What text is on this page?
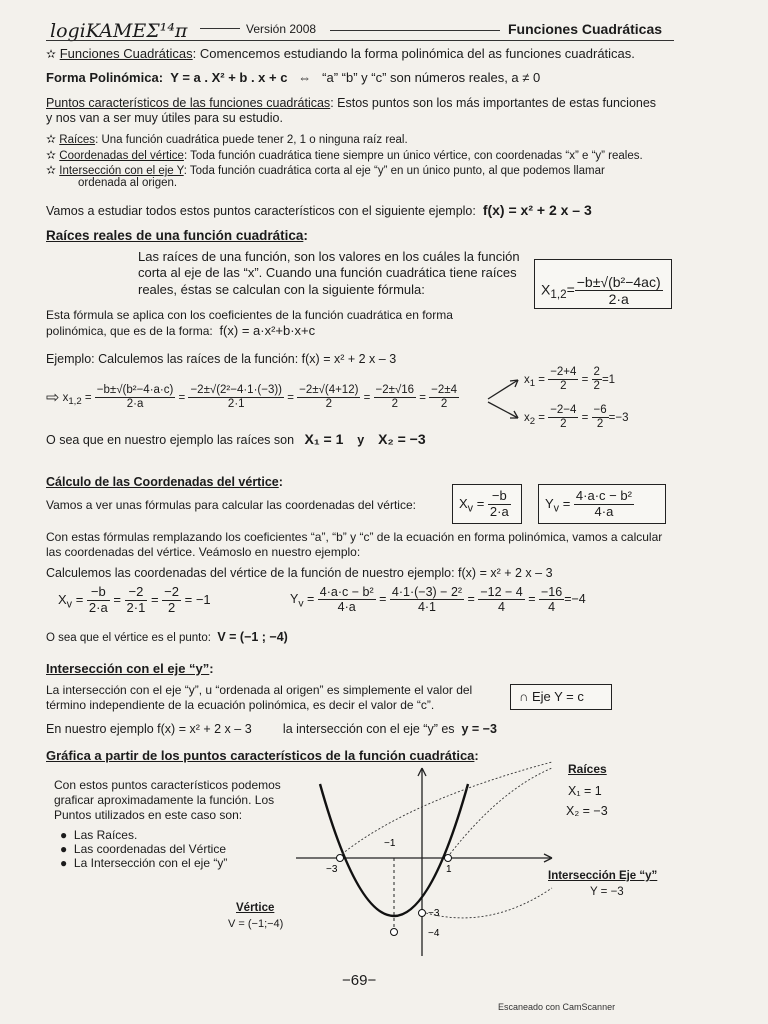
logiKAMEΣ¹⁴π	Versión 2008	Funciones Cuadráticas
✫ Funciones Cuadráticas: Comencemos estudiando la forma polinómica del as funciones cuadráticas.
Forma Polinómica: Y = a . X² + b . x + c ⇔ “a” “b” y “c” son números reales, a ≠ 0
Puntos característicos de las funciones cuadráticas: Estos puntos son los más importantes de estas funciones
y nos van a ser muy útiles para su estudio.
✫ Raíces: Una función cuadrática puede tener 2, 1 o ninguna raíz real.
✫ Coordenadas del vértice: Toda función cuadrática tiene siempre un único vértice, con coordenadas “x” e “y” reales.
✫ Intersección con el eje Y: Toda función cuadrática corta al eje “y” en un único punto, al que podemos llamar
ordenada al origen.
Vamos a estudiar todos estos puntos característicos con el siguiente ejemplo: f(x) = x² + 2 x – 3
Raíces reales de una función cuadrática:
Las raíces de una función, son los valores en los cuáles la función corta al eje de las “x”. Cuando una función cuadrática tiene raíces reales, éstas se calculan con la siguiente fórmula:	$X_{1,2}= \frac{\text{−b±√(b²−4ac)}}{2\cdot a}$
Esta fórmula se aplica con los coeficientes de la función cuadrática en forma polinómica, que es de la forma: f(x) = a·x²+b·x+c
Ejemplo: Calculemos las raíces de la función: f(x) = x² + 2 x – 3
⇨ $x_{1,2} = \frac{\text{−b±√(b²−4·a·c)}}{2\cdot a} = \frac{\text{−2±√(2²−4·1·(−3))}}{2\cdot 1} = \frac{-2\pm√(4+12)}{2} = \frac{-2\pm√16}{2} = \frac{-2\pm 4}{2}$
$x_1 = \frac{-2+4}{2} = \frac{2}{2} =1$
$x_2 = \frac{-2-4}{2} = \frac{-6}{2} =-3$
O sea que en nuestro ejemplo las raíces son X₁ = 1 y X₂ = −3
Cálculo de las Coordenadas del vértice:
Vamos a ver unas fórmulas para calcular las coordenadas del vértice:	$X_v = \frac{-b}{2\cdot a}$	$Y_v = \frac{\text{4·a·c − b²}}{4\cdot a}$
Con estas fórmulas remplazando los coeficientes “a”, “b” y “c” de la ecuación en forma polinómica, vamos a calcular las coordenadas del vértice. Veámoslo en nuestro ejemplo:
Calculemos las coordenadas del vértice de la función de nuestro ejemplo: f(x) = x² + 2 x – 3
$X_v = \frac{-b}{2\cdot a} = \frac{-2}{2\cdot 1} = \frac{-2}{2} = -1$	$Y_v = \frac{\text{4·a·c − b²}}{4\cdot a} = \frac{\text{4·1·(−3) − 2²}}{4\cdot 1} = \frac{-12 - 4}{4} = \frac{-16}{4} =-4$
O sea que el vértice es el punto: V = (−1 ; −4)
Intersección con el eje “y”:
La intersección con el eje “y”, u “ordenada al origen” es simplemente el valor del término independiente de la ecuación polinómica, es decir el valor de “c”.
∩ Eje Y = c
En nuestro ejemplo f(x) = x² + 2 x – 3	la intersección con el eje “y” es y = −3
Gráfica a partir de los puntos característicos de la función cuadrática:
Con estos puntos característicos podemos graficar aproximadamente la función. Los Puntos utilizados en este caso son:
● Las Raíces.
● Las coordenadas del Vértice
● La Intersección con el eje “y”	−3
−1
1
−3
−4
Raíces
X₁ = 1
X₂ = −3
Intersección Eje “y”
Y = −3
Vértice
V = (−1;−4)
−69−
Escaneado con CamScanner
